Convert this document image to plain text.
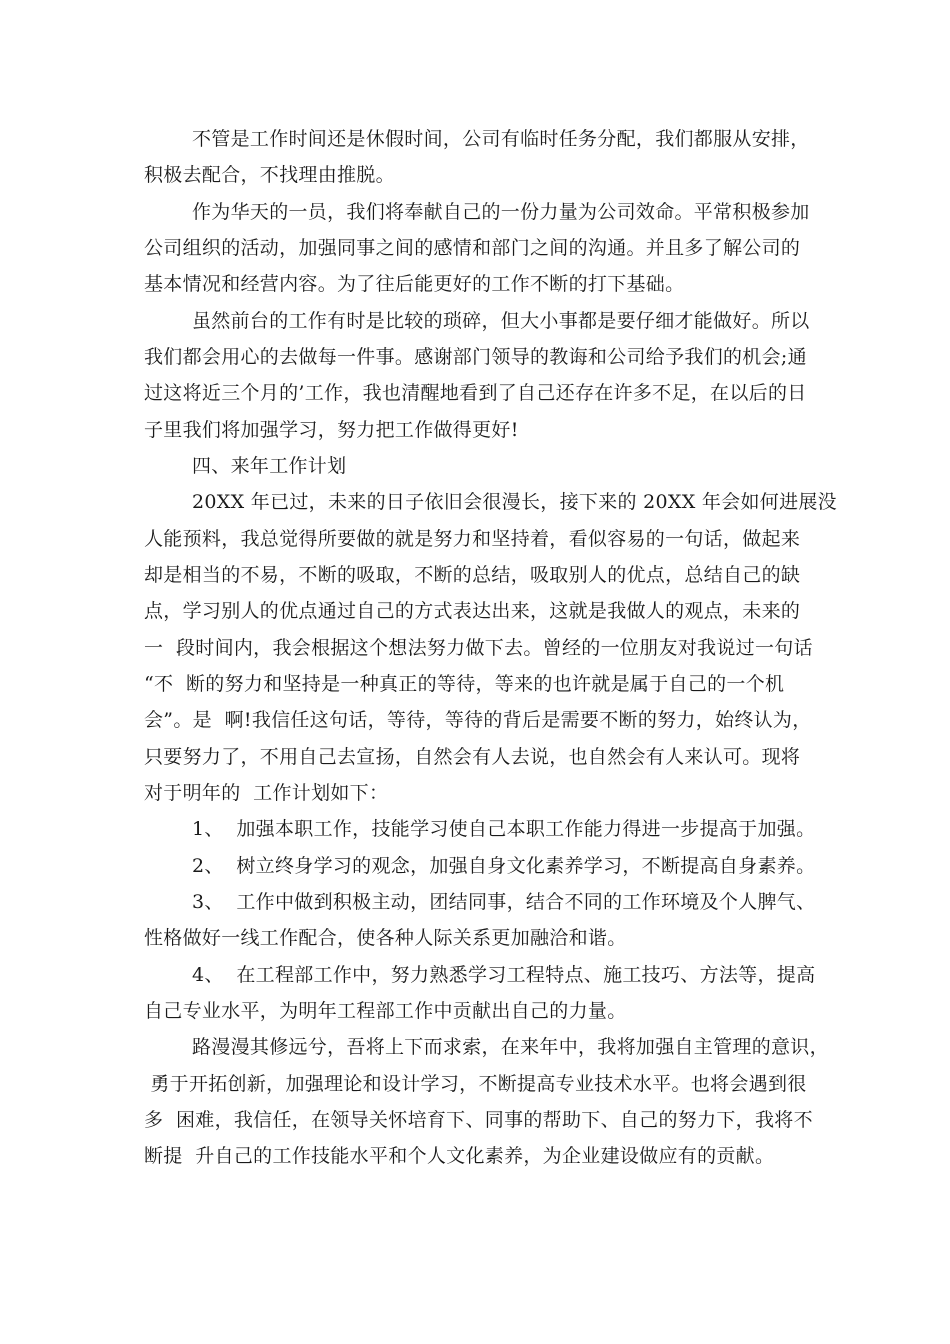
不管是工作时间还是休假时间，公司有临时任务分配，我们都服从安排，
积极去配合，不找理由推脱。
作为华天的一员，我们将奉献自己的一份力量为公司效命。平常积极参加
公司组织的活动，加强同事之间的感情和部门之间的沟通。并且多了解公司的
基本情况和经营内容。为了往后能更好的工作不断的打下基础。
虽然前台的工作有时是比较的琐碎，但大小事都是要仔细才能做好。所以
我们都会用心的去做每一件事。感谢部门领导的教诲和公司给予我们的机会;通
过这将近三个月的’工作，我也清醒地看到了自己还存在许多不足，在以后的日
子里我们将加强学习，努力把工作做得更好!
四、来年工作计划
20XX 年已过，未来的日子依旧会很漫长，接下来的 20XX 年会如何进展没
人能预料，我总觉得所要做的就是努力和坚持着，看似容易的一句话，做起来
却是相当的不易，不断的吸取，不断的总结，吸取别人的优点，总结自己的缺
点，学习别人的优点通过自己的方式表达出来，这就是我做人的观点，未来的
一  段时间内，我会根据这个想法努力做下去。曾经的一位朋友对我说过一句话
“不  断的努力和坚持是一种真正的等待，等来的也许就是属于自己的一个机
会”。是  啊!我信任这句话，等待，等待的背后是需要不断的努力，始终认为，
只要努力了，不用自己去宣扬，自然会有人去说，也自然会有人来认可。现将
对于明年的  工作计划如下：
1、  加强本职工作，技能学习使自己本职工作能力得进一步提高于加强。
2、  树立终身学习的观念，加强自身文化素养学习，不断提高自身素养。
3、  工作中做到积极主动，团结同事，结合不同的工作环境及个人脾气、
性格做好一线工作配合，使各种人际关系更加融洽和谐。
4、  在工程部工作中，努力熟悉学习工程特点、施工技巧、方法等，提高
自己专业水平，为明年工程部工作中贡献出自己的力量。
路漫漫其修远兮，吾将上下而求索，在来年中，我将加强自主管理的意识，
勇于开拓创新，加强理论和设计学习，不断提高专业技术水平。也将会遇到很
多  困难，我信任，在领导关怀培育下、同事的帮助下、自己的努力下，我将不
断提  升自己的工作技能水平和个人文化素养，为企业建设做应有的贡献。
